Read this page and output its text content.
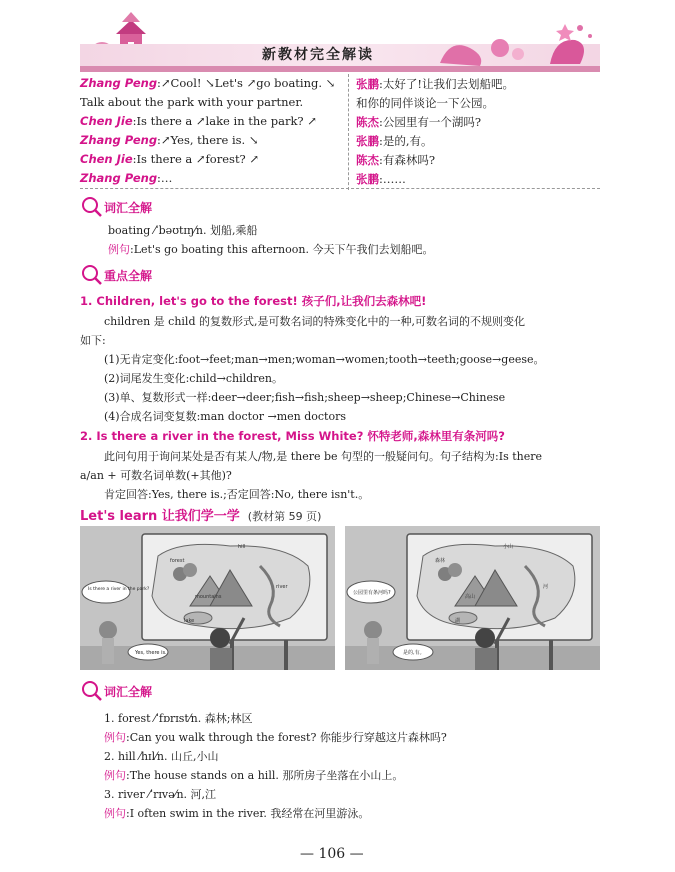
新教材完全解读
Zhang Peng:↗Cool! ↘Let's ↗go boating. ↘ 张鹏:太好了!让我们去划船吧。
Talk about the park with your partner.	和你的同伴谈论一下公园。
Chen Jie:Is there a ↗lake in the park? ↗	陈杰:公园里有一个湖吗?
Zhang Peng:↗Yes, there is. ↘	张鹏:是的,有。
Chen Jie:Is there a ↗forest? ↗	陈杰:有森林吗?
Zhang Peng:…	张鹏:……
词汇全解
boating ⁄ˈbəʊtɪŋ⁄n. 划船,乘船
例句:Let's go boating this afternoon. 今天下午我们去划船吧。
重点全解
1. Children, let's go to the forest! 孩子们,让我们去森林吧!
children 是 child 的复数形式,是可数名词的特殊变化中的一种,可数名词的不规则变化
如下:
(1)无肯定变化:foot→feet;man→men;woman→women;tooth→teeth;goose→geese。
(2)词尾发生变化:child→children。
(3)单、复数形式一样:deer→deer;fish→fish;sheep→sheep;Chinese→Chinese
(4)合成名词变复数:man doctor →men doctors
2. Is there a river in the forest, Miss White? 怀特老师,森林里有条河吗?
此问句用于询问某处是否有某人/物,是 there be 句型的一般疑问句。句子结构为:Is there
a/an + 可数名词单数(+其他)?
肯定回答:Yes, there is.;否定回答:No, there isn't.。
Let's learn 让我们学一学 (教材第 59 页)
hill
forest
mountains
river
lake
Is there a river in the park?
Yes, there is.
小山
森林
高山
河
湖
公园里有条河吗?
是的,有。
词汇全解
1. forest ⁄ˈfɒrɪst⁄n. 森林;林区
例句:Can you walk through the forest? 你能步行穿越这片森林吗?
2. hill ⁄hɪl⁄n. 山丘,小山
例句:The house stands on a hill. 那所房子坐落在小山上。
3. river ⁄ˈrɪvə⁄n. 河,江
例句:I often swim in the river. 我经常在河里游泳。
— 106 —
